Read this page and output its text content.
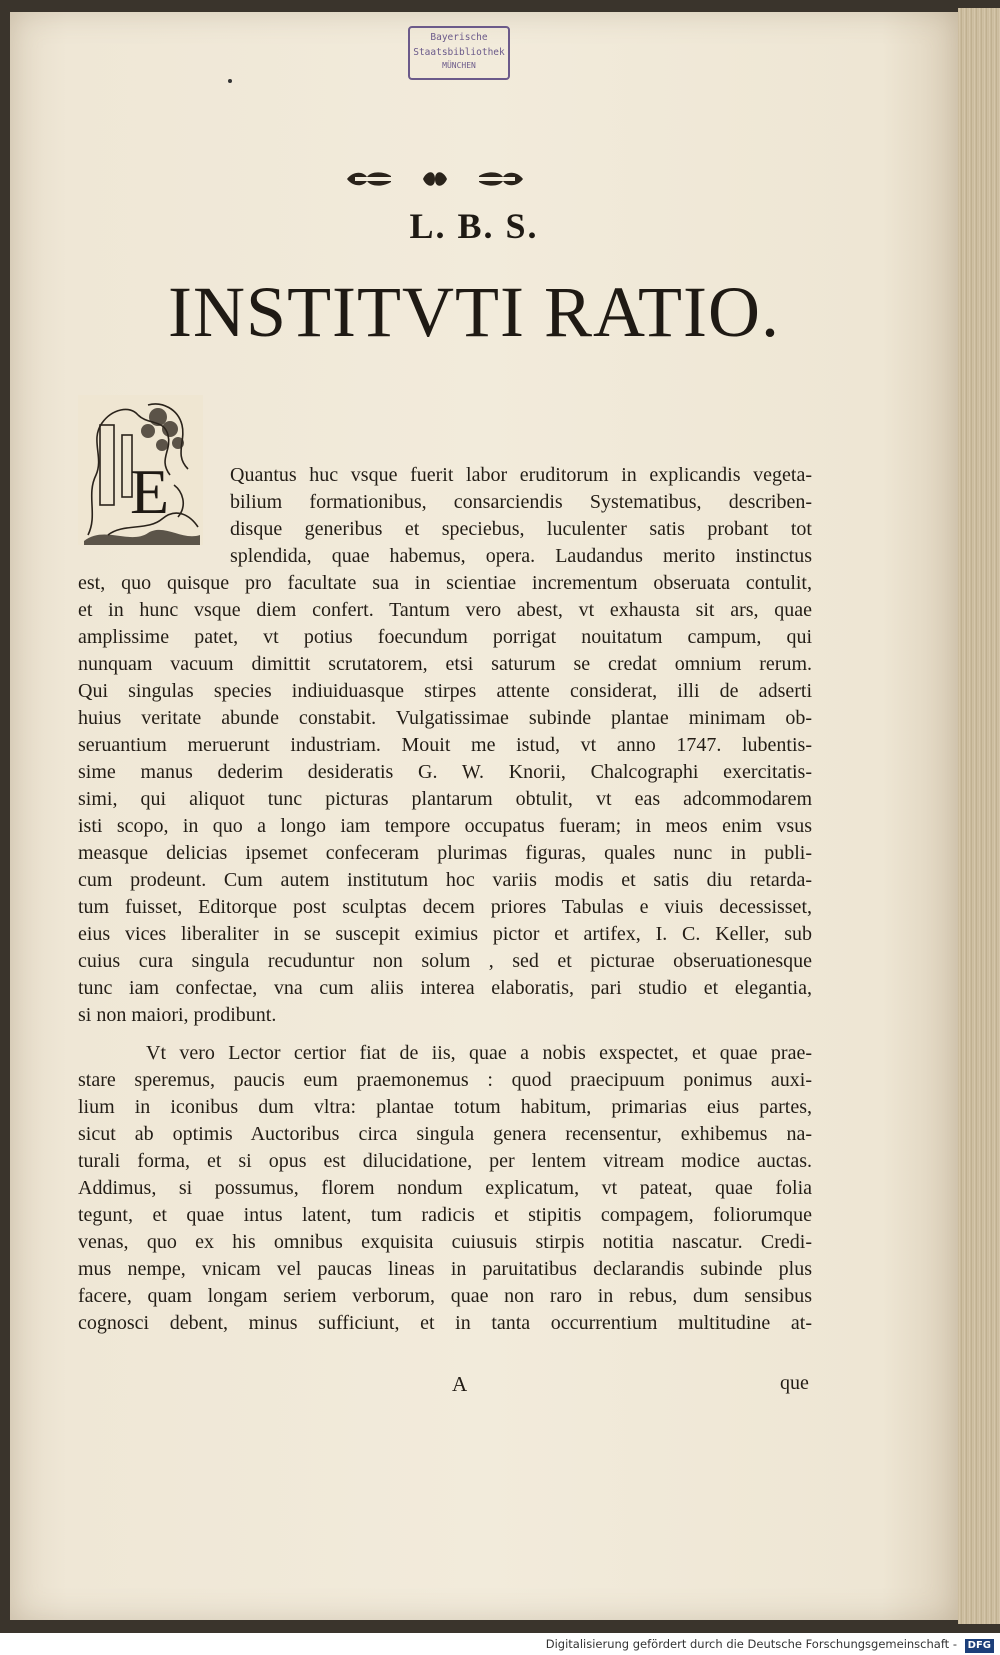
Bayerische
Staatsbibliothek
MÜNCHEN
L. B. S.
INSTITVTI RATIO.
E	Quantus huc vsque fuerit labor eruditorum in explicandis vegeta-
bilium formationibus, consarciendis Systematibus, describen-
disque generibus et speciebus, luculenter satis probant tot
splendida, quae habemus, opera. Laudandus merito instinctus
est, quo quisque pro facultate sua in scientiae incrementum obseruata contulit,
et in hunc vsque diem confert. Tantum vero abest, vt exhausta sit ars, quae
amplissime patet, vt potius foecundum porrigat nouitatum campum, qui
nunquam vacuum dimittit scrutatorem, etsi saturum se credat omnium rerum.
Qui singulas species indiuiduasque stirpes attente considerat, illi de adserti
huius veritate abunde constabit. Vulgatissimae subinde plantae minimam ob-
seruantium meruerunt industriam. Mouit me istud, vt anno 1747. lubentis-
sime manus dederim desideratis G. W. Knorii, Chalcographi exercitatis-
simi, qui aliquot tunc picturas plantarum obtulit, vt eas adcommodarem
isti scopo, in quo a longo iam tempore occupatus fueram; in meos enim vsus
measque delicias ipsemet confeceram plurimas figuras, quales nunc in publi-
cum prodeunt. Cum autem institutum hoc variis modis et satis diu retarda-
tum fuisset, Editorque post sculptas decem priores Tabulas e viuis decessisset,
eius vices liberaliter in se suscepit eximius pictor et artifex, I. C. Keller, sub
cuius cura singula recuduntur non solum , sed et picturae obseruationesque
tunc iam confectae, vna cum aliis interea elaboratis, pari studio et elegantia,
si non maiori, prodibunt.
Vt vero Lector certior fiat de iis, quae a nobis exspectet, et quae prae-
stare speremus, paucis eum praemonemus : quod praecipuum ponimus auxi-
lium in iconibus dum vltra: plantae totum habitum, primarias eius partes,
sicut ab optimis Auctoribus circa singula genera recensentur, exhibemus na-
turali forma, et si opus est dilucidatione, per lentem vitream modice auctas.
Addimus, si possumus, florem nondum explicatum, vt pateat, quae folia
tegunt, et quae intus latent, tum radicis et stipitis compagem, foliorumque
venas, quo ex his omnibus exquisita cuiusuis stirpis notitia nascatur. Credi-
mus nempe, vnicam vel paucas lineas in paruitatibus declarandis subinde plus
facere, quam longam seriem verborum, quae non raro in rebus, dum sensibus
cognosci debent, minus sufficiunt, et in tanta occurrentium multitudine at-
A	que
Digitalisierung gefördert durch die Deutsche Forschungsgemeinschaft - DFG
